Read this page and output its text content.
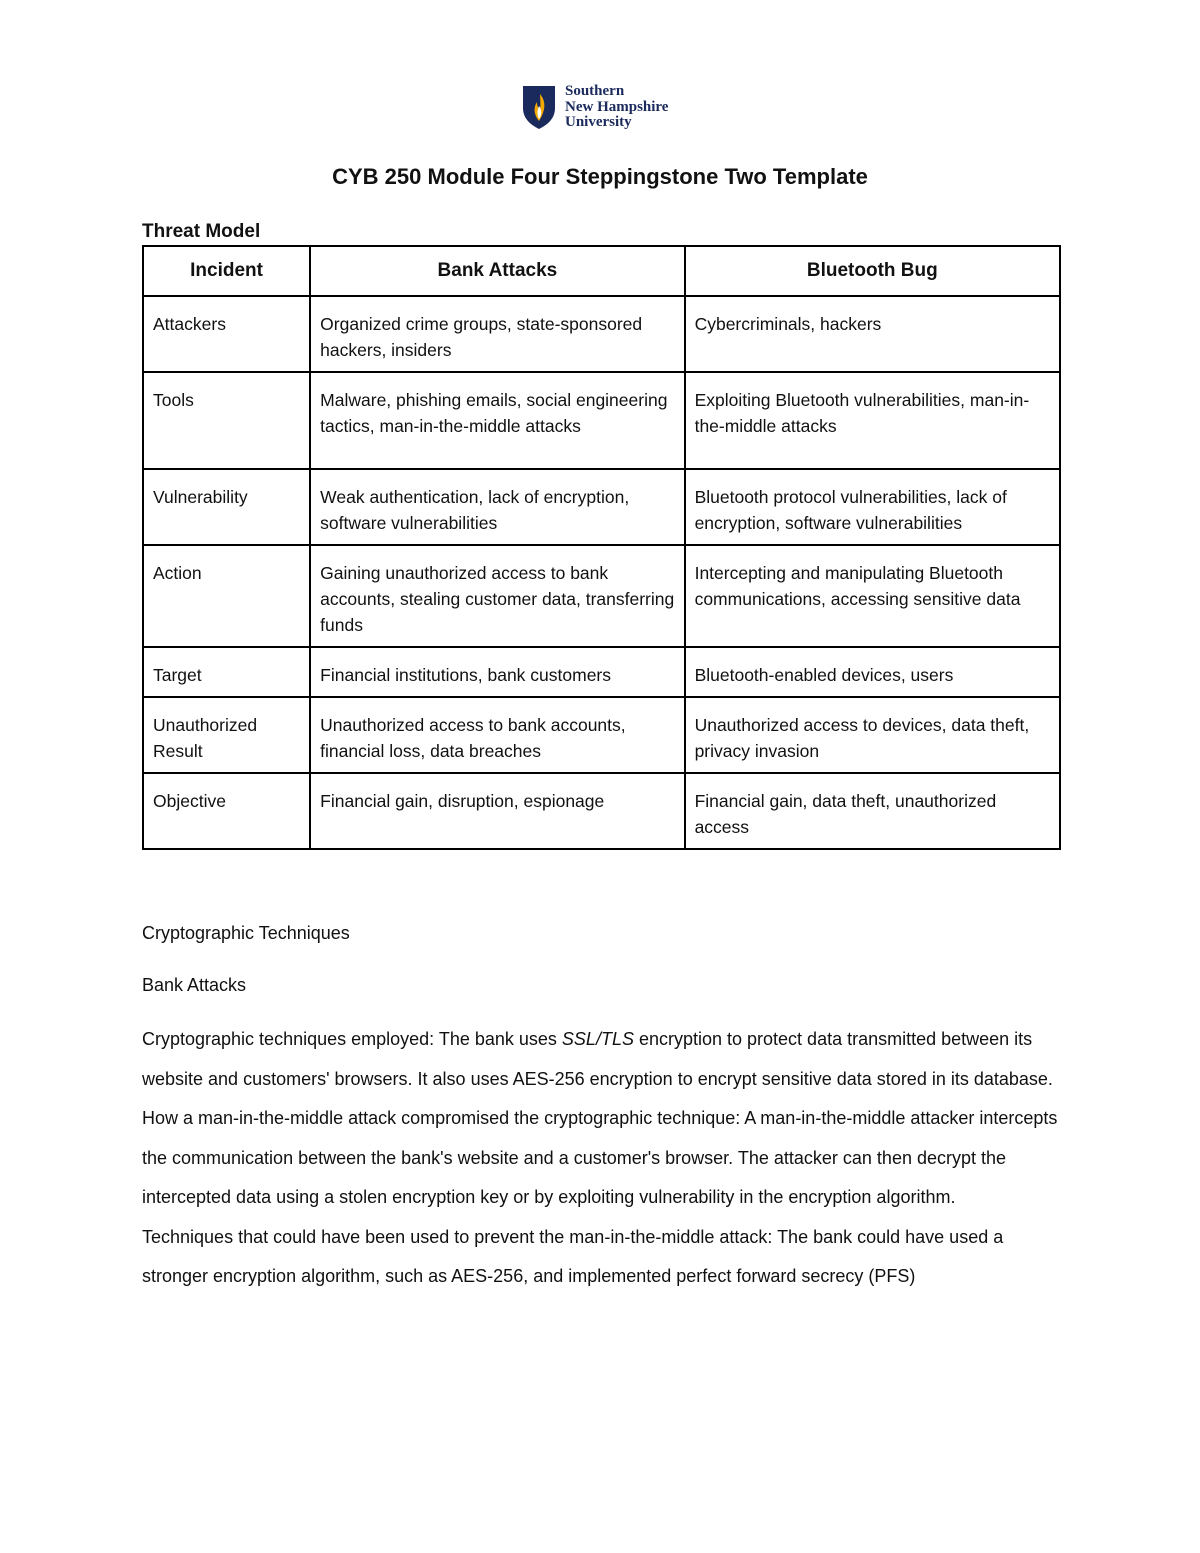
Southern
New Hampshire
University
CYB 250 Module Four Steppingstone Two Template
Threat Model
Incident	Bank Attacks	Bluetooth Bug
Attackers	Organized crime groups, state-sponsored hackers, insiders	Cybercriminals, hackers
Tools	Malware, phishing emails, social engineering tactics, man-in-the-middle attacks	Exploiting Bluetooth vulnerabilities, man-in-the-middle attacks
Vulnerability	Weak authentication, lack of encryption, software vulnerabilities	Bluetooth protocol vulnerabilities, lack of encryption, software vulnerabilities
Action	Gaining unauthorized access to bank accounts, stealing customer data, transferring funds	Intercepting and manipulating Bluetooth communications, accessing sensitive data
Target	Financial institutions, bank customers	Bluetooth-enabled devices, users
Unauthorized Result	Unauthorized access to bank accounts, financial loss, data breaches	Unauthorized access to devices, data theft, privacy invasion
Objective	Financial gain, disruption, espionage	Financial gain, data theft, unauthorized access
Cryptographic Techniques
Bank Attacks

Cryptographic techniques employed: The bank uses SSL/TLS encryption to protect data transmitted between its website and customers' browsers. It also uses AES-256 encryption to encrypt sensitive data stored in its database.

How a man-in-the-middle attack compromised the cryptographic technique: A man-in-the-middle attacker intercepts the communication between the bank's website and a customer's browser. The attacker can then decrypt the intercepted data using a stolen encryption key or by exploiting vulnerability in the encryption algorithm.

Techniques that could have been used to prevent the man-in-the-middle attack: The bank could have used a stronger encryption algorithm, such as AES-256, and implemented perfect forward secrecy (PFS)
